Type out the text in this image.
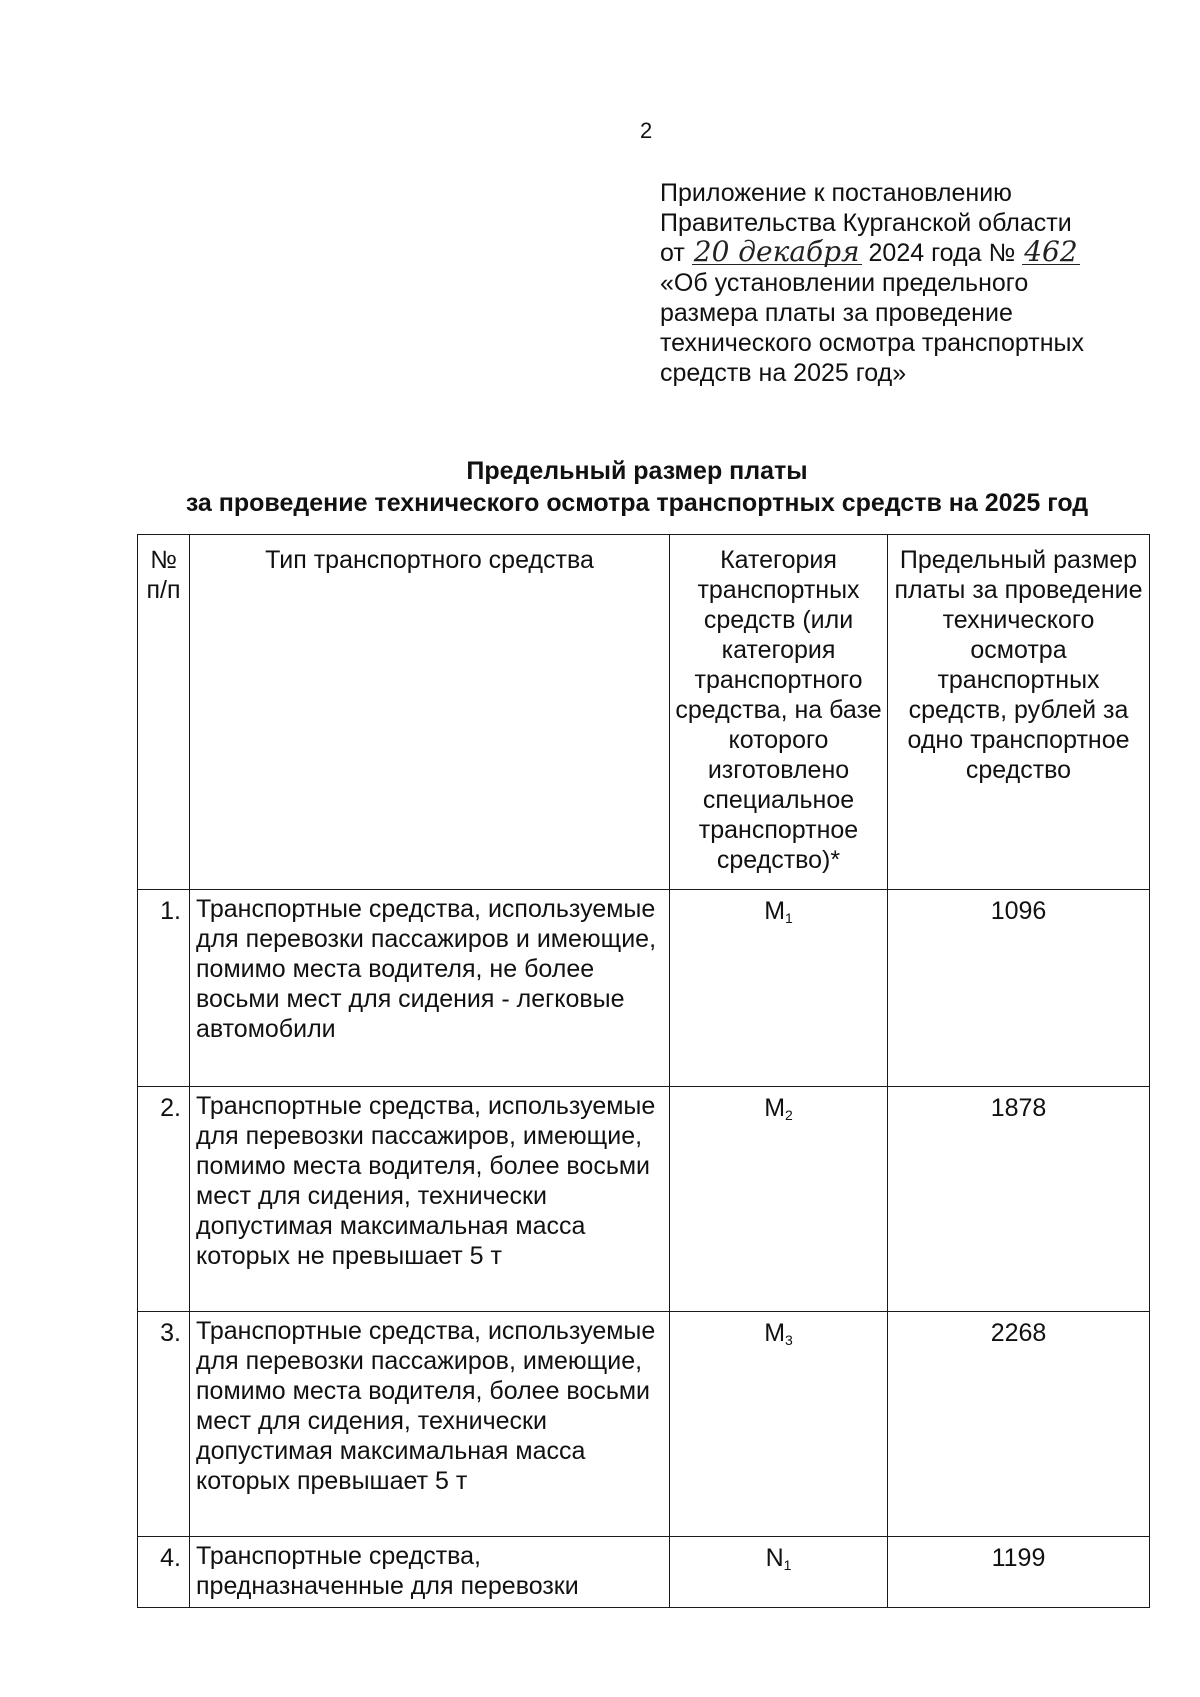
2
Приложение к постановлению
Правительства Курганской области
от 20 декабря 2024 года № 462
«Об установлении предельного
размера платы за проведение
технического осмотра транспортных
средств на 2025 год»
Предельный размер платы
за проведение технического осмотра транспортных средств на 2025 год
№ п/п	Тип транспортного средства	Категория транспортных средств (или категория транспортного средства, на базе которого изготовлено специальное транспортное средство)*	Предельный размер платы за проведение технического осмотра транспортных средств, рублей за одно транспортное средство
1.	Транспортные средства, используемые для перевозки пассажиров и имеющие, помимо места водителя, не более восьми мест для сидения - легковые автомобили	$M_1$	1096
2.	Транспортные средства, используемые для перевозки пассажиров, имеющие, помимо места водителя, более восьми мест для сидения, технически допустимая максимальная масса которых не превышает 5 т	$M_2$	1878
3.	Транспортные средства, используемые для перевозки пассажиров, имеющие, помимо места водителя, более восьми мест для сидения, технически допустимая максимальная масса которых превышает 5 т	$M_3$	2268
4.	Транспортные средства, предназначенные для перевозки	$N_1$	1199
